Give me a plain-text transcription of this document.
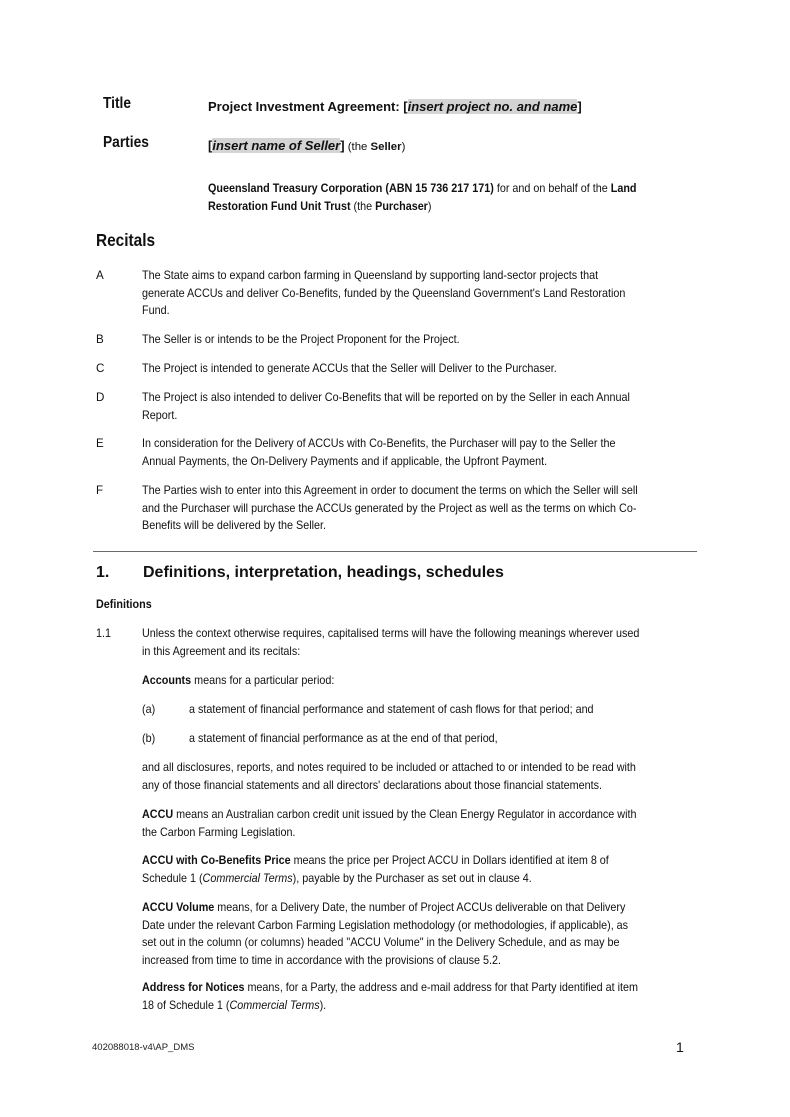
Title	Project Investment Agreement: [insert project no. and name]
Parties	[insert name of Seller] (the Seller)
Queensland Treasury Corporation (ABN 15 736 217 171) for and on behalf of the Land
Restoration Fund Unit Trust (the Purchaser)
Recitals
A	The State aims to expand carbon farming in Queensland by supporting land-sector projects that
generate ACCUs and deliver Co-Benefits, funded by the Queensland Government's Land Restoration
Fund.
B	The Seller is or intends to be the Project Proponent for the Project.
C	The Project is intended to generate ACCUs that the Seller will Deliver to the Purchaser.
D	The Project is also intended to deliver Co-Benefits that will be reported on by the Seller in each Annual
Report.
E	In consideration for the Delivery of ACCUs with Co-Benefits, the Purchaser will pay to the Seller the
Annual Payments, the On-Delivery Payments and if applicable, the Upfront Payment.
F	The Parties wish to enter into this Agreement in order to document the terms on which the Seller will sell
and the Purchaser will purchase the ACCUs generated by the Project as well as the terms on which Co-
Benefits will be delivered by the Seller.
1. Definitions, interpretation, headings, schedules
Definitions
1.1	Unless the context otherwise requires, capitalised terms will have the following meanings wherever used
in this Agreement and its recitals:
Accounts means for a particular period:
(a)	a statement of financial performance and statement of cash flows for that period; and
(b)	a statement of financial performance as at the end of that period,
and all disclosures, reports, and notes required to be included or attached to or intended to be read with
any of those financial statements and all directors' declarations about those financial statements.
ACCU means an Australian carbon credit unit issued by the Clean Energy Regulator in accordance with
the Carbon Farming Legislation.
ACCU with Co-Benefits Price means the price per Project ACCU in Dollars identified at item 8 of
Schedule 1 (Commercial Terms), payable by the Purchaser as set out in clause 4.
ACCU Volume means, for a Delivery Date, the number of Project ACCUs deliverable on that Delivery
Date under the relevant Carbon Farming Legislation methodology (or methodologies, if applicable), as
set out in the column (or columns) headed "ACCU Volume" in the Delivery Schedule, and as may be
increased from time to time in accordance with the provisions of clause 5.2.
Address for Notices means, for a Party, the address and e-mail address for that Party identified at item
18 of Schedule 1 (Commercial Terms).
402088018-v4\AP_DMS	1
